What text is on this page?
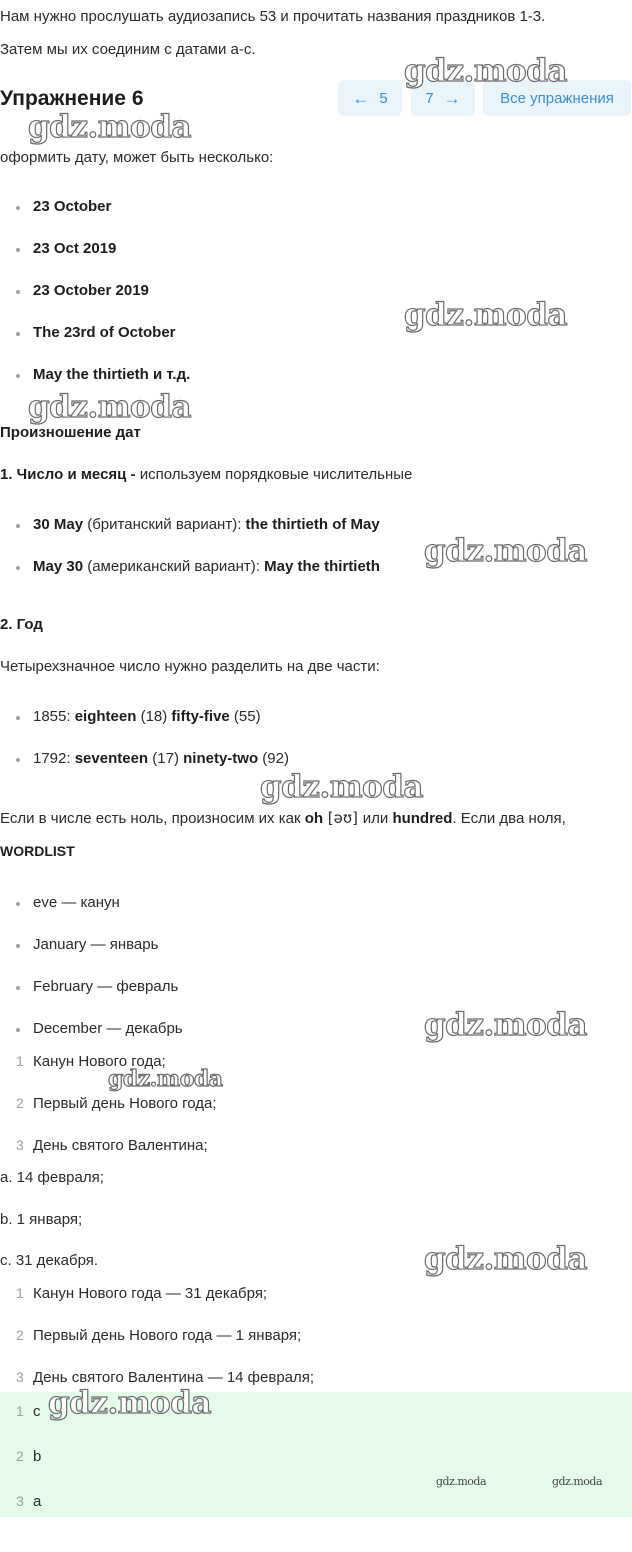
Нам нужно прослушать аудиозапись 53 и прочитать названия праздников 1-3.
Затем мы их соединим с датами a-c.
Упражнение 6	← 5	7 →	Все упражнения
оформить дату, может быть несколько:
23 October
23 Oct 2019
23 October 2019
The 23rd of October
May the thirtieth и т.д.
Произношение дат
1. Число и месяц - используем порядковые числительные
30 May (британский вариант): the thirtieth of May
May 30 (американский вариант): May the thirtieth
2. Год
Четырехзначное число нужно разделить на две части:
1855: eighteen (18) fifty-five (55)
1792: seventeen (17) ninety-two (92)
Если в числе есть ноль, произносим их как oh [əʊ] или hundred. Если два ноля,
WORDLIST
eve — канун
January — январь
February — февраль
December — декабрь
1 Канун Нового года;
2 Первый день Нового года;
3 День святого Валентина;
a. 14 февраля;
b. 1 января;
c. 31 декабря.
1 Канун Нового года — 31 декабря;
2 Первый день Нового года — 1 января;
3 День святого Валентина — 14 февраля;
1 c
2 b
3 a
gdz.moda
gdz.moda
gdz.moda
gdz.moda
gdz.moda
gdz.moda
gdz.moda
gdz.moda
gdz.moda
gdz.moda
gdz.moda	gdz.moda
